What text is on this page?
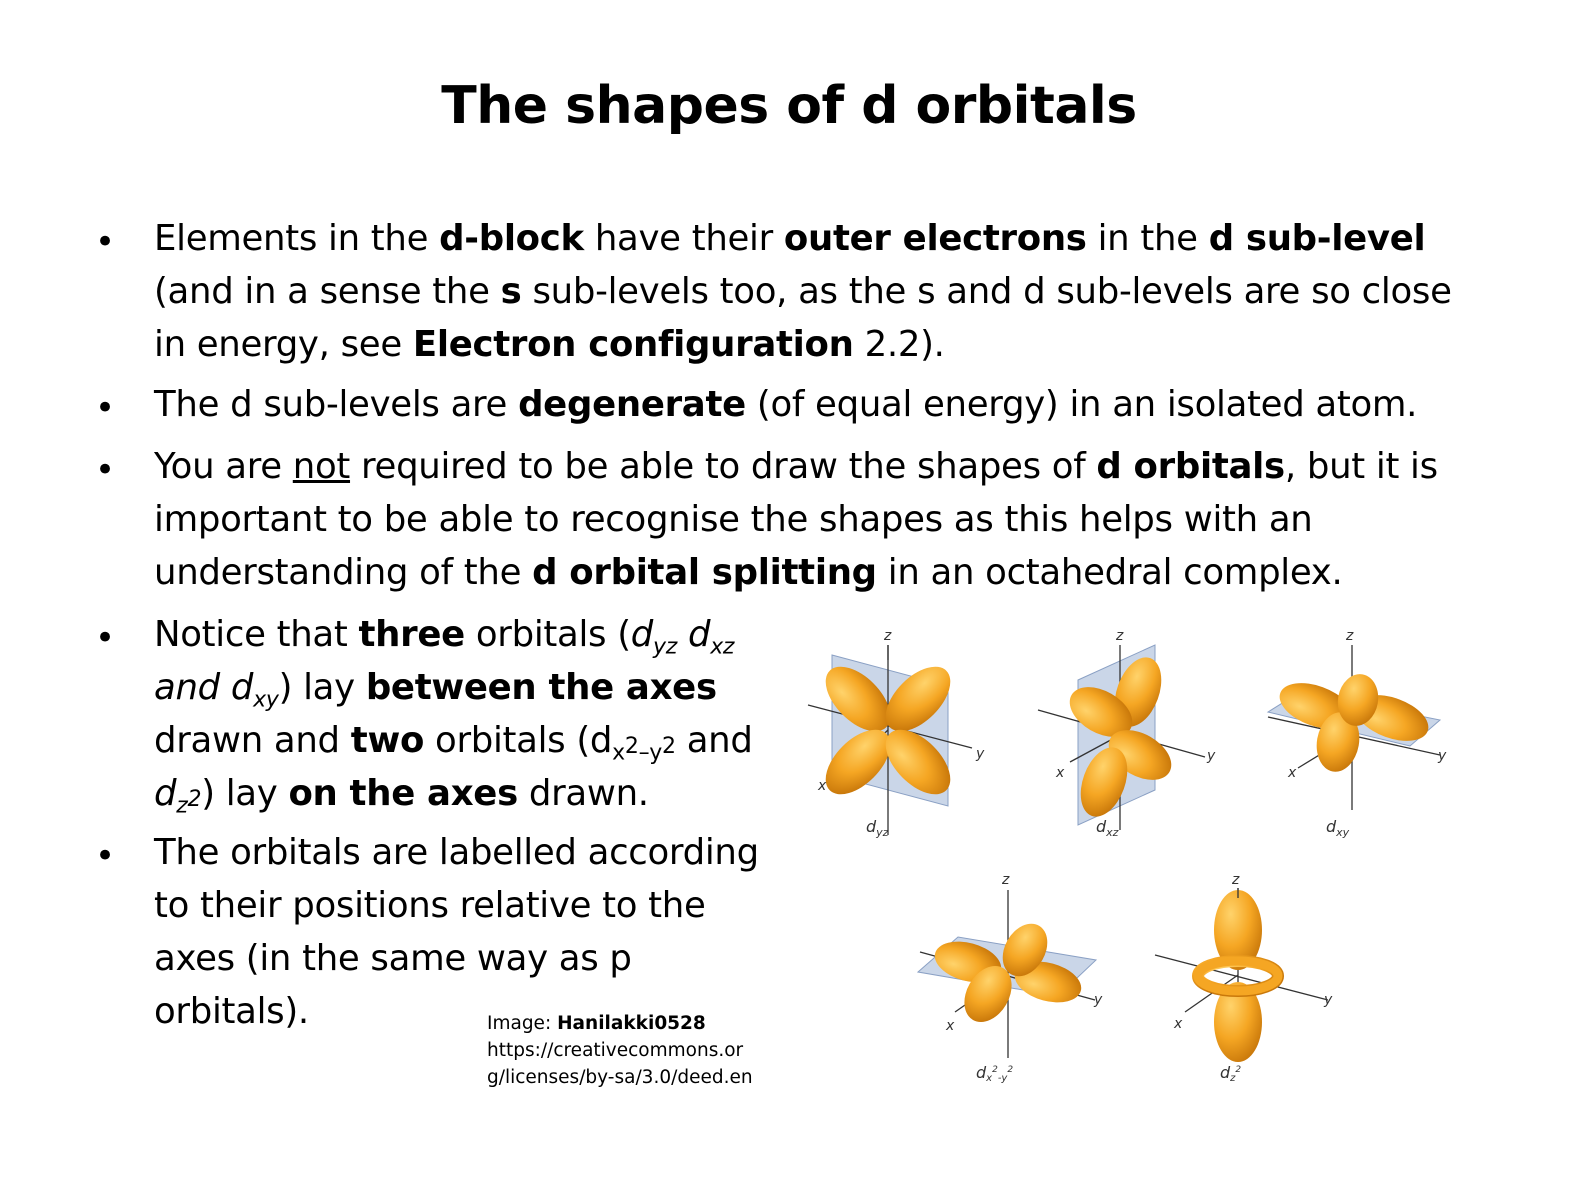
The shapes of d orbitals
• Elements in the d-block have their outer electrons in the d sub-level
(and in a sense the s sub-levels too, as the s and d sub-levels are so close
in energy, see Electron configuration 2.2).
• The d sub-levels are degenerate (of equal energy) in an isolated atom.
• You are not required to be able to draw the shapes of d orbitals, but it is
important to be able to recognise the shapes as this helps with an
understanding of the d orbital splitting in an octahedral complex.
• Notice that three orbitals ($d_{yz}$ $d_{xz}$
and $d_{xy}$) lay between the axes
drawn and two orbitals ($d_x^2_{-y}^2$ and
$d_z^2$) lay on the axes drawn.
• The orbitals are labelled according
to their positions relative to the
axes (in the same way as p
orbitals).
z
y
x
$d_{yz}$
z
y
x
$d_{xz}$
z
y
x
$d_{xy}$
z
y
x
$dx^2_{-y}^2$
z
y
x
$dz^2$
Image: Hanilakki0528
https://creativecommons.or
g/licenses/by-sa/3.0/deed.en
